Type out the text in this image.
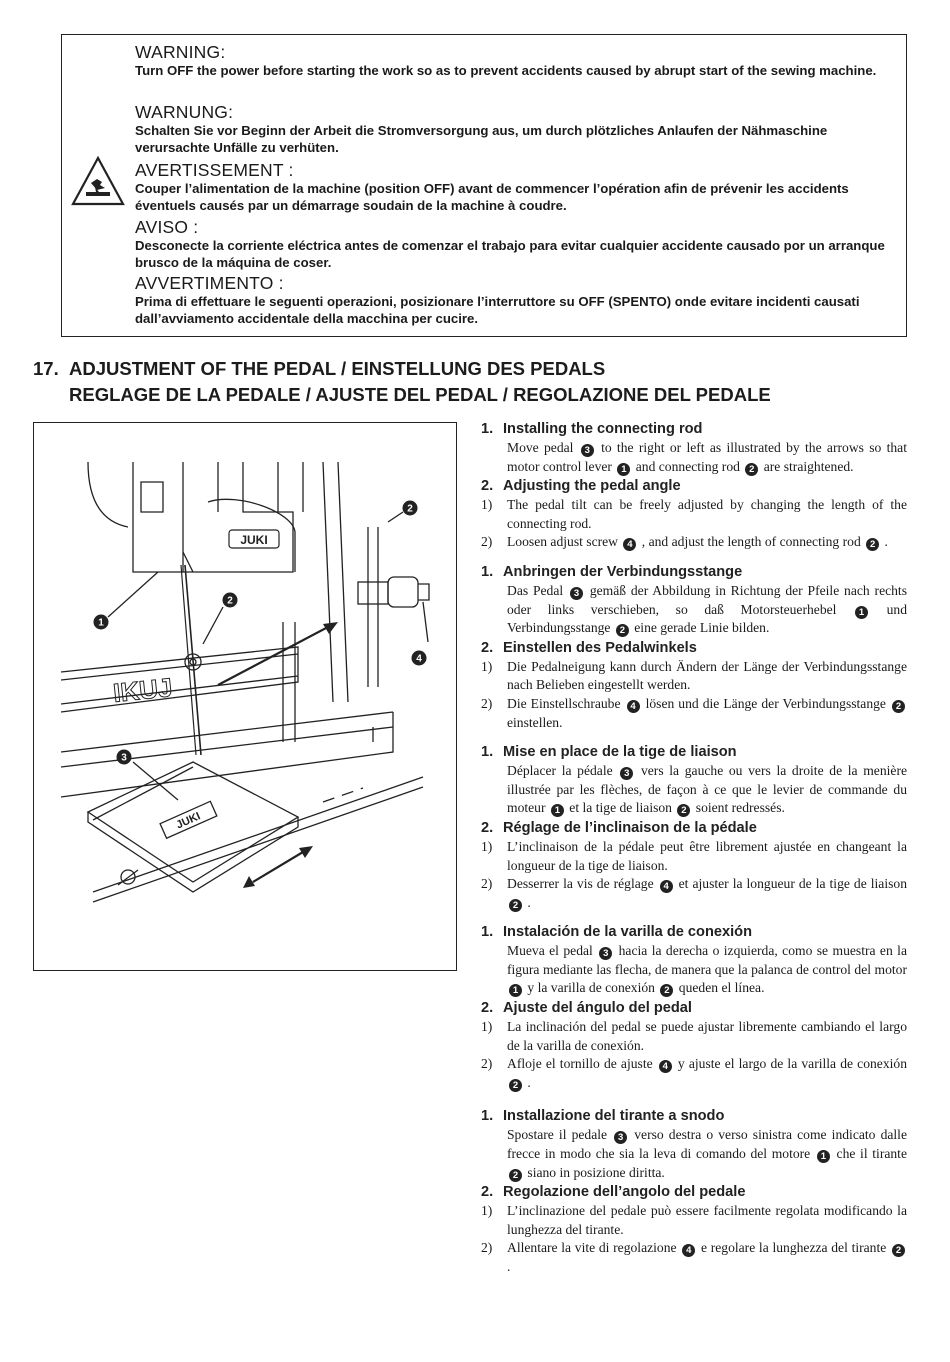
WARNING:

Turn OFF the power before starting the work so as to prevent accidents caused by abrupt start of the sewing machine.

WARNUNG:

Schalten Sie vor Beginn der Arbeit die Stromversorgung aus, um durch plötzliches Anlaufen der Nähmaschine verursachte Unfälle zu verhüten.

AVERTISSEMENT :

Couper l’alimentation de la machine (position OFF) avant de commencer l’opération afin de prévenir les accidents éventuels causés par un démarrage soudain de la machine à coudre.

AVISO :

Desconecte la corriente eléctrica antes de comenzar el trabajo para evitar cualquier accidente causado por un arranque brusco de la máquina de coser.

AVVERTIMENTO :

Prima di effettuare le seguenti operazioni, posizionare l’interruttore su OFF (SPENTO) onde evitare incidenti causati dall’avviamento accidentale della macchina per cucire.

17. ADJUSTMENT OF THE PEDAL / EINSTELLUNG DES PEDALS
REGLAGE DE LA PEDALE / AJUSTE DEL PEDAL / REGOLAZIONE DEL PEDALE
JUKI
JUKI
IKUJ
1
2
3
4
2
1. Installing the connecting rod

Move pedal 3 to the right or left as illustrated by the arrows so that motor control lever 1 and connecting rod 2 are straightened.

2. Adjusting the pedal angle

1) The pedal tilt can be freely adjusted by changing the length of the connecting rod.

2) Loosen adjust screw 4 , and adjust the length of connecting rod 2 .

1. Anbringen der Verbindungsstange

Das Pedal 3 gemäß der Abbildung in Richtung der Pfeile nach rechts oder links verschieben, so daß Motorsteuerhebel 1 und Verbindungsstange 2 eine gerade Linie bilden.

2. Einstellen des Pedalwinkels

1) Die Pedalneigung kann durch Ändern der Länge der Verbindungsstange nach Belieben eingestellt werden.

2) Die Einstellschraube 4 lösen und die Länge der Verbindungsstange 2 einstellen.

1. Mise en place de la tige de liaison

Déplacer la pédale 3 vers la gauche ou vers la droite de la menière illustrée par les flèches, de façon à ce que le levier de commande du moteur 1 et la tige de liaison 2 soient redressés.

2. Réglage de l’inclinaison de la pédale

1) L’inclinaison de la pédale peut être librement ajustée en changeant la longueur de la tige de liaison.

2) Desserrer la vis de réglage 4 et ajuster la longueur de la tige de liaison 2 .

1. Instalación de la varilla de conexión

Mueva el pedal 3 hacia la derecha o izquierda, como se muestra en la figura mediante las flecha, de manera que la palanca de control del motor 1 y la varilla de conexión 2 queden el línea.

2. Ajuste del ángulo del pedal

1) La inclinación del pedal se puede ajustar libremente cambiando el largo de la varilla de conexión.

2) Afloje el tornillo de ajuste 4 y ajuste el largo de la varilla de conexión 2 .

1. Installazione del tirante a snodo

Spostare il pedale 3 verso destra o verso sinistra come indicato dalle frecce in modo che sia la leva di comando del motore 1 che il tirante 2 siano in posizione diritta.

2. Regolazione dell’angolo del pedale

1) L’inclinazione del pedale può essere facilmente regolata modificando la lunghezza del tirante.

2) Allentare la vite di regolazione 4 e regolare la lunghezza del tirante 2 .
